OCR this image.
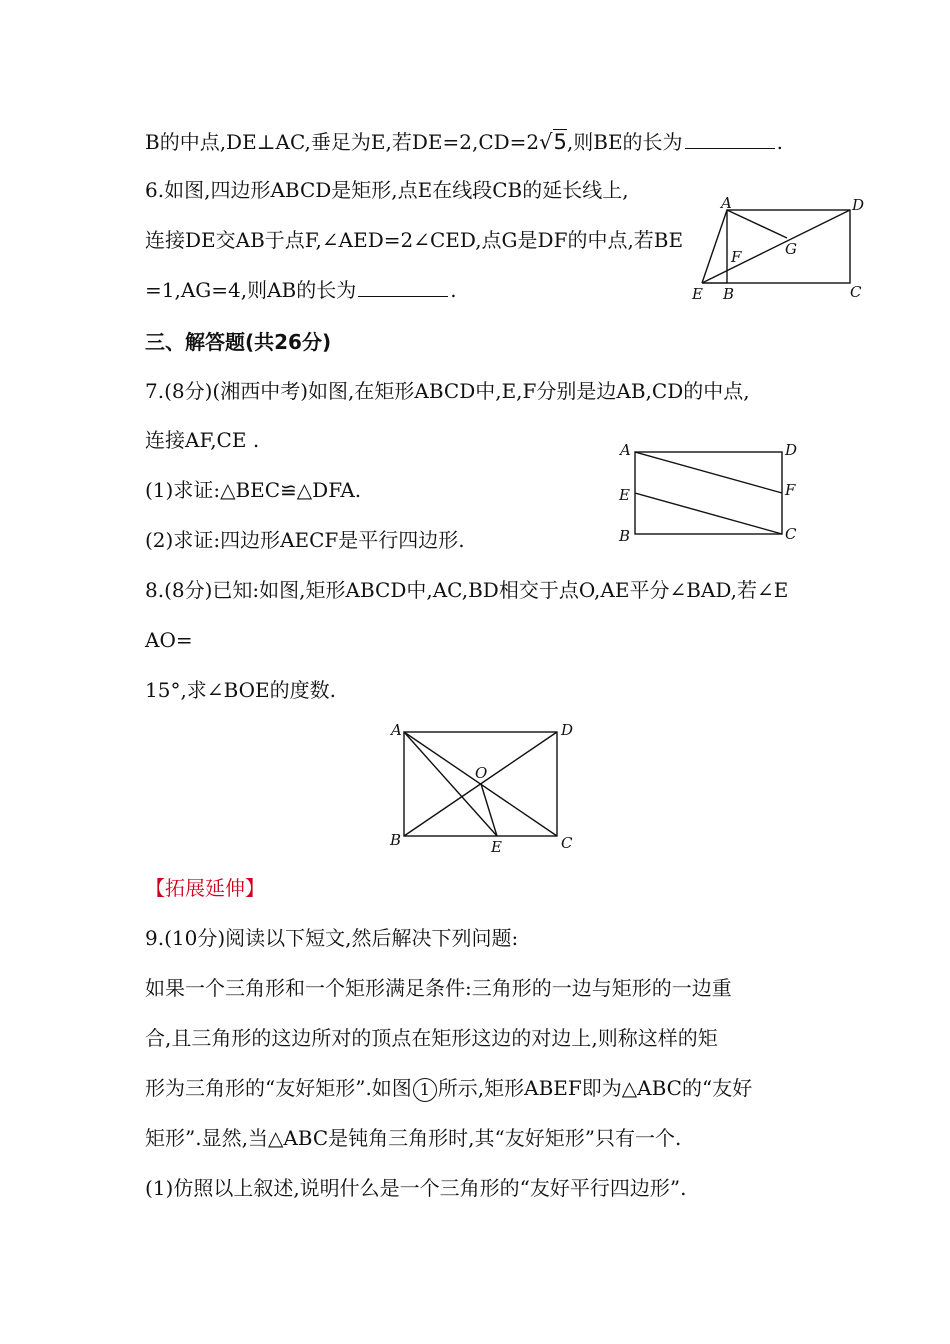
B的中点,DE⊥AC,垂足为E,若DE=2,CD=2√5,则BE的长为	.
6.如图,四边形ABCD是矩形,点E在线段CB的延长线上,
连接DE交AB于点F,∠AED=2∠CED,点G是DF的中点,若BE
=1,AG=4,则AB的长为	.
A	D
G
F
E B	C
三、解答题(共26分)
7.(8分)(湘西中考)如图,在矩形ABCD中,E,F分别是边AB,CD的中点,
连接AF,CE .
(1)求证:△BEC≌△DFA.
(2)求证:四边形AECF是平行四边形.
A	D
E	F
B	C
8.(8分)已知:如图,矩形ABCD中,AC,BD相交于点O,AE平分∠BAD,若∠E
AO=
15°,求∠BOE的度数.
A	D
O
B	E	C
【拓展延伸】
9.(10分)阅读以下短文,然后解决下列问题:
如果一个三角形和一个矩形满足条件:三角形的一边与矩形的一边重
合,且三角形的这边所对的顶点在矩形这边的对边上,则称这样的矩
形为三角形的“友好矩形”.如图 1 所示,矩形ABEF即为△ABC的“友好
矩形”.显然,当△ABC是钝角三角形时,其“友好矩形”只有一个.
(1)仿照以上叙述,说明什么是一个三角形的“友好平行四边形”.
